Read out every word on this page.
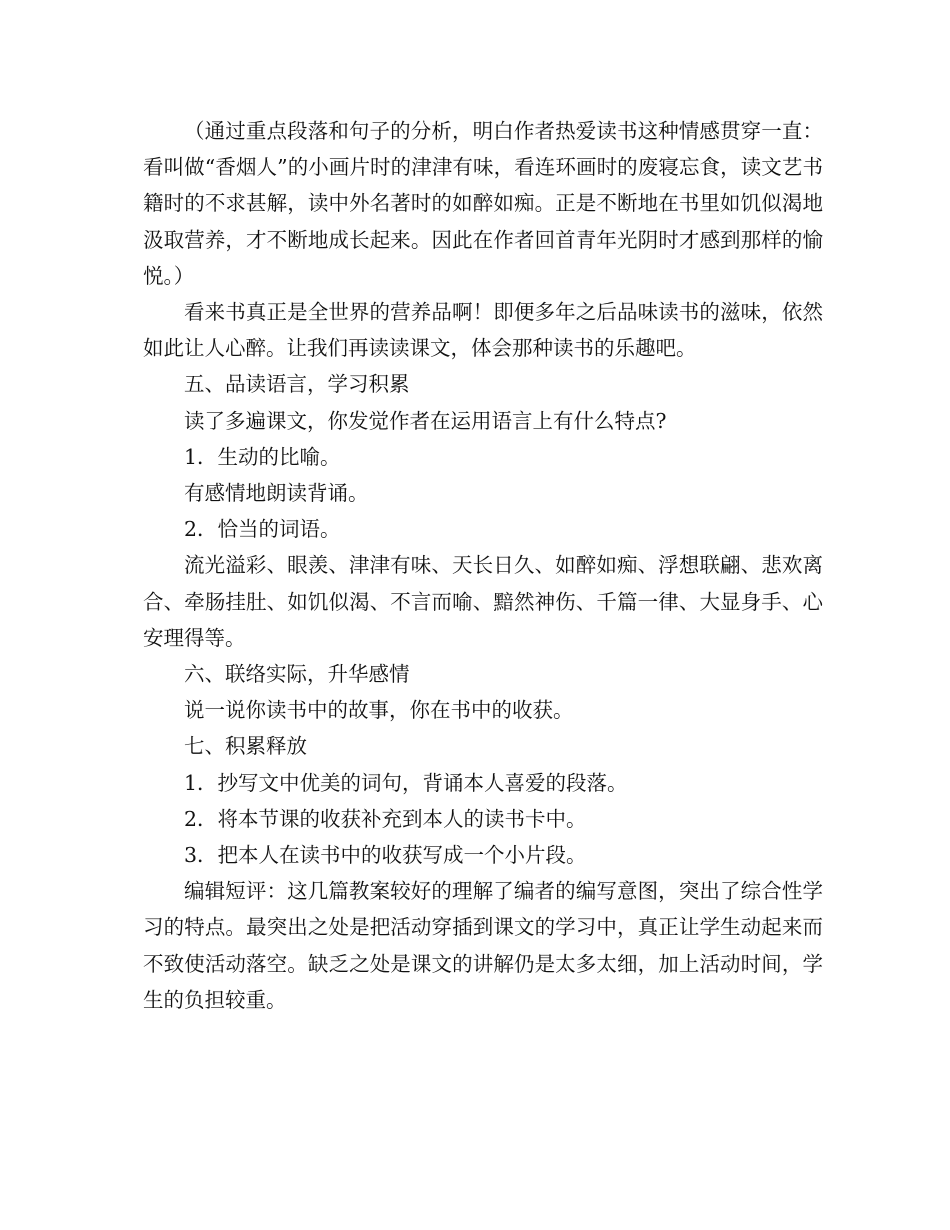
（通过重点段落和句子的分析，明白作者热爱读书这种情感贯穿一直：看叫做“香烟人”的小画片时的津津有味，看连环画时的废寝忘食，读文艺书籍时的不求甚解，读中外名著时的如醉如痴。正是不断地在书里如饥似渴地汲取营养，才不断地成长起来。因此在作者回首青年光阴时才感到那样的愉悦。）

看来书真正是全世界的营养品啊！即便多年之后品味读书的滋味，依然如此让人心醉。让我们再读读课文，体会那种读书的乐趣吧。

五、品读语言，学习积累

读了多遍课文，你发觉作者在运用语言上有什么特点?

1．生动的比喻。

有感情地朗读背诵。

2．恰当的词语。

流光溢彩、眼羡、津津有味、天长日久、如醉如痴、浮想联翩、悲欢离合、牵肠挂肚、如饥似渴、不言而喻、黯然神伤、千篇一律、大显身手、心安理得等。

六、联络实际，升华感情

说一说你读书中的故事，你在书中的收获。

七、积累释放

1．抄写文中优美的词句，背诵本人喜爱的段落。

2．将本节课的收获补充到本人的读书卡中。

3．把本人在读书中的收获写成一个小片段。

编辑短评：这几篇教案较好的理解了编者的编写意图，突出了综合性学习的特点。最突出之处是把活动穿插到课文的学习中，真正让学生动起来而不致使活动落空。缺乏之处是课文的讲解仍是太多太细，加上活动时间，学生的负担较重。
